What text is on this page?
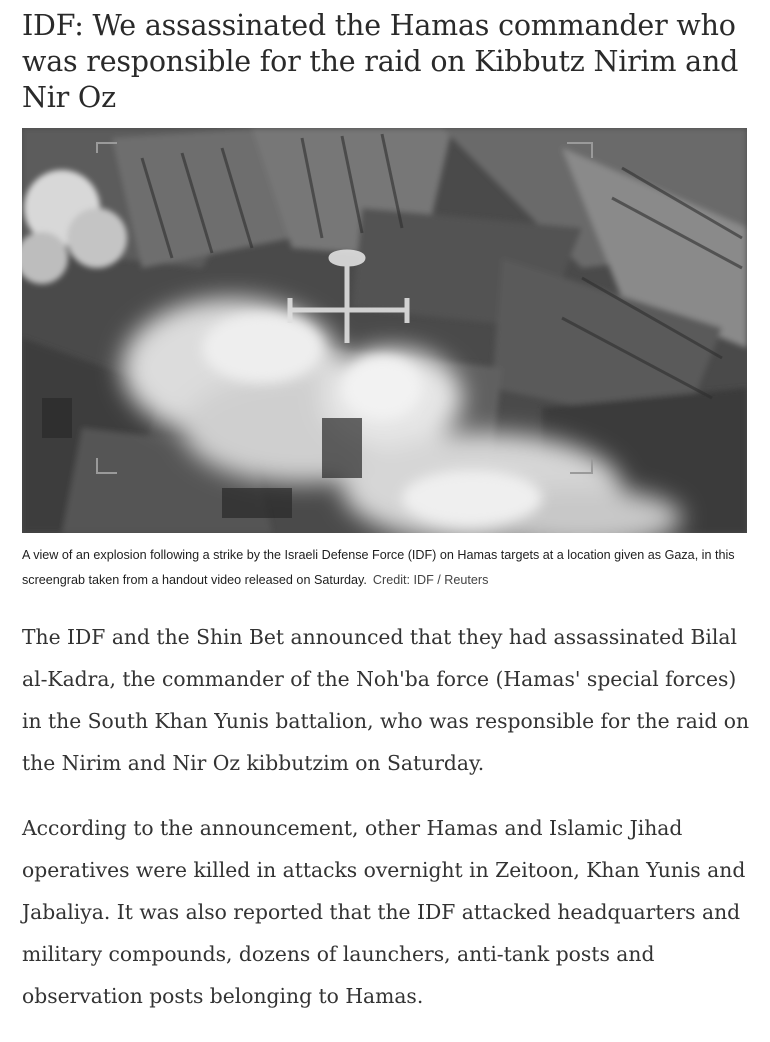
IDF: We assassinated the Hamas commander who was responsible for the raid on Kibbutz Nirim and Nir Oz

A view of an explosion following a strike by the Israeli Defense Force (IDF) on Hamas targets at a location given as Gaza, in this screengrab taken from a handout video released on Saturday. Credit: IDF / Reuters

The IDF and the Shin Bet announced that they had assassinated Bilal al-Kadra, the commander of the Noh'ba force (Hamas' special forces) in the South Khan Yunis battalion, who was responsible for the raid on the Nirim and Nir Oz kibbutzim on Saturday.

According to the announcement, other Hamas and Islamic Jihad operatives were killed in attacks overnight in Zeitoon, Khan Yunis and Jabaliya. It was also reported that the IDF attacked headquarters and military compounds, dozens of launchers, anti-tank posts and observation posts belonging to Hamas.
